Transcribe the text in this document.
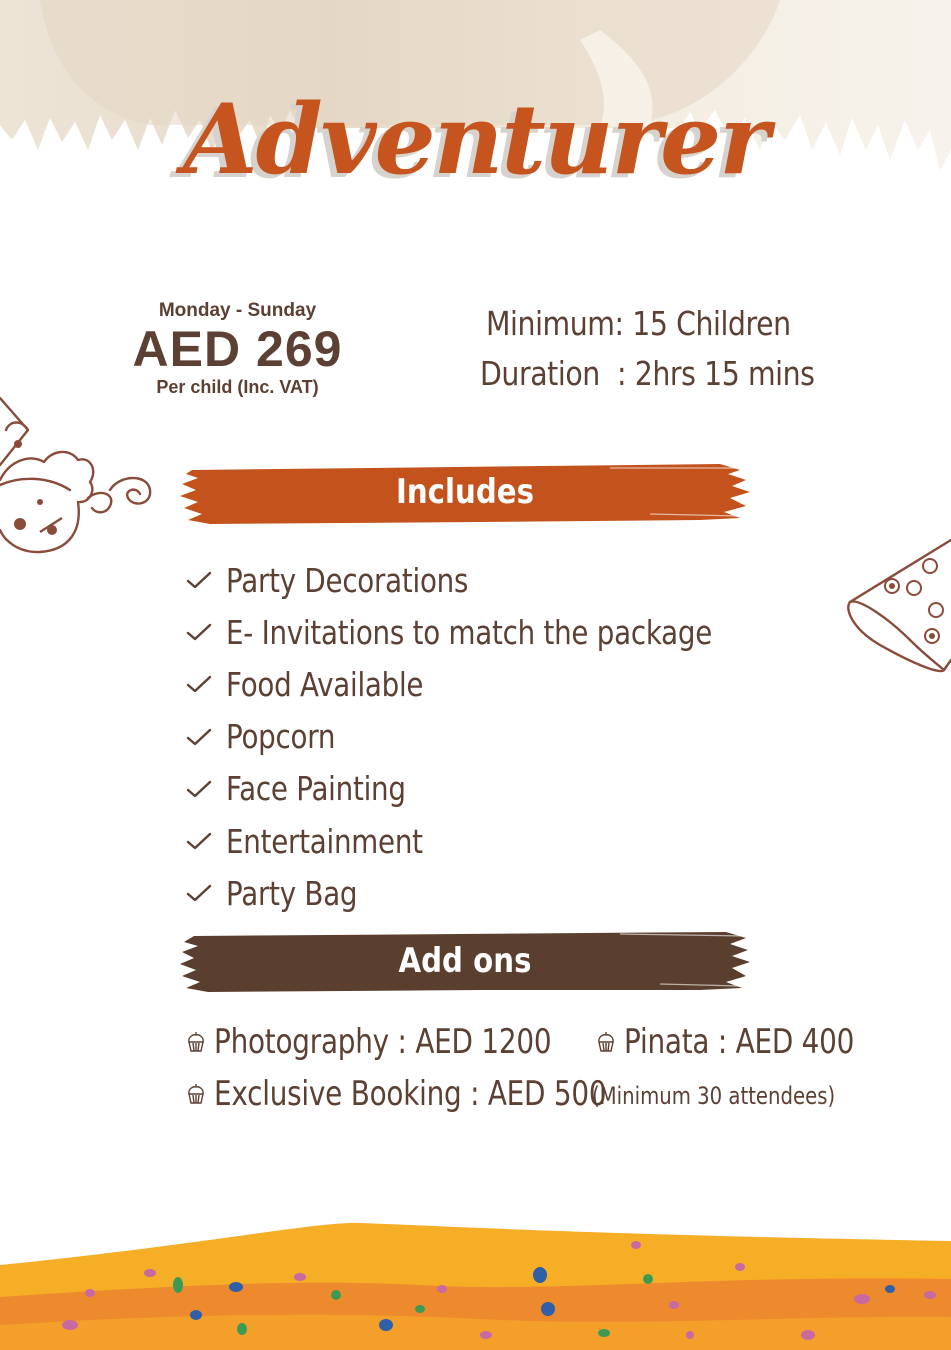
Adventurer
Monday - Sunday
AED 269
Per child (Inc. VAT)
Minimum: 15 Children
Duration  : 2hrs 15 mins
Includes
Party Decorations
E- Invitations to match the package
Food Available
Popcorn
Face Painting
Entertainment
Party Bag
Add ons
Photography : AED 1200 Pinata : AED 400
Exclusive Booking : AED 500
(Minimum 30 attendees)
